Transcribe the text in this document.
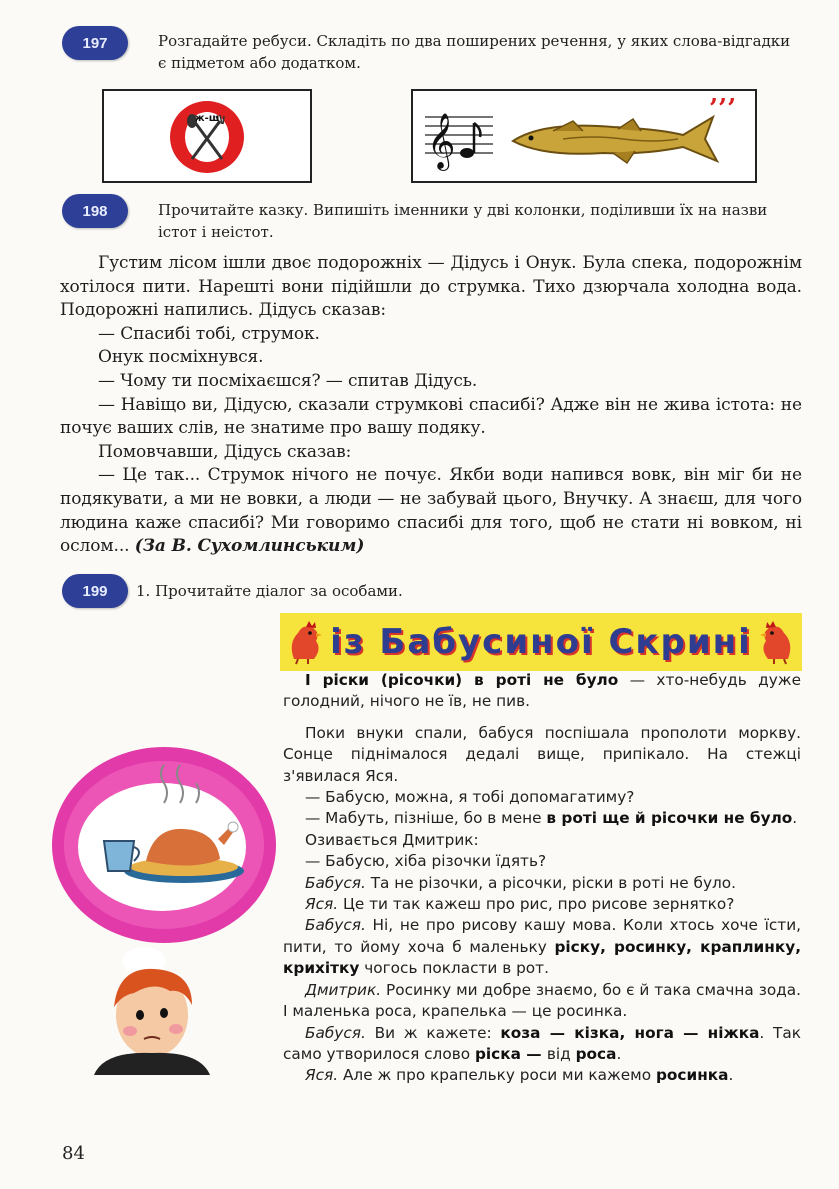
197	Розгадайте ребуси. Складіть по два поширених речення, у яких слова-відгадки є підметом або додатком.
ж-ш	𝄞
’’’
198	Прочитайте казку. Випишіть іменники у дві колонки, поділивши їх на назви істот і неістот.

Густим лісом ішли двоє подорожніх — Дідусь і Онук. Була спека, подорожнім хотілося пити. Нарешті вони підійшли до струмка. Тихо дзюрчала холодна вода. Подорожні напились. Дідусь сказав:

— Спасибі тобі, струмок.

Онук посміхнувся.

— Чому ти посміхаєшся? — спитав Дідусь.

— Навіщо ви, Дідусю, сказали струмкові спасибі? Адже він не жива істота: не почує ваших слів, не знатиме про вашу подяку.

Помовчавши, Дідусь сказав:

— Це так... Струмок нічого не почує. Якби води напився вовк, він міг би не подякувати, а ми не вовки, а люди — не забувай цього, Внучку. А знаєш, для чого людина каже спасибі? Ми говоримо спасибі для того, щоб не стати ні вовком, ні ослом... (За В. Сухомлинським)

199	1. Прочитайте діалог за особами.
із Бабусиної Скрині

І ріски (рісочки) в роті не було — хто-небудь дуже голодний, нічого не їв, не пив.

Поки внуки спали, бабуся поспішала прополоти моркву. Сонце піднімалося дедалі вище, припікало. На стежці з'явилася Яся.

— Бабусю, можна, я тобі допомагатиму?

— Мабуть, пізніше, бо в мене в роті ще й рісочки не було.

Озивається Дмитрик:

— Бабусю, хіба різочки їдять?

Бабуся. Та не різочки, а рісочки, ріски в роті не було.

Яся. Це ти так кажеш про рис, про рисове зернятко?

Бабуся. Ні, не про рисову кашу мова. Коли хтось хоче їсти, пити, то йому хоча б маленьку ріску, росинку, краплинку, крихітку чогось покласти в рот.

Дмитрик. Росинку ми добре знаємо, бо є й така смачна зода. І маленька роса, крапелька — це росинка.

Бабуся. Ви ж кажете: коза — кізка, нога — ніжка. Так само утворилося слово ріска — від роса.

Яся. Але ж про крапельку роси ми кажемо росинка.

84
